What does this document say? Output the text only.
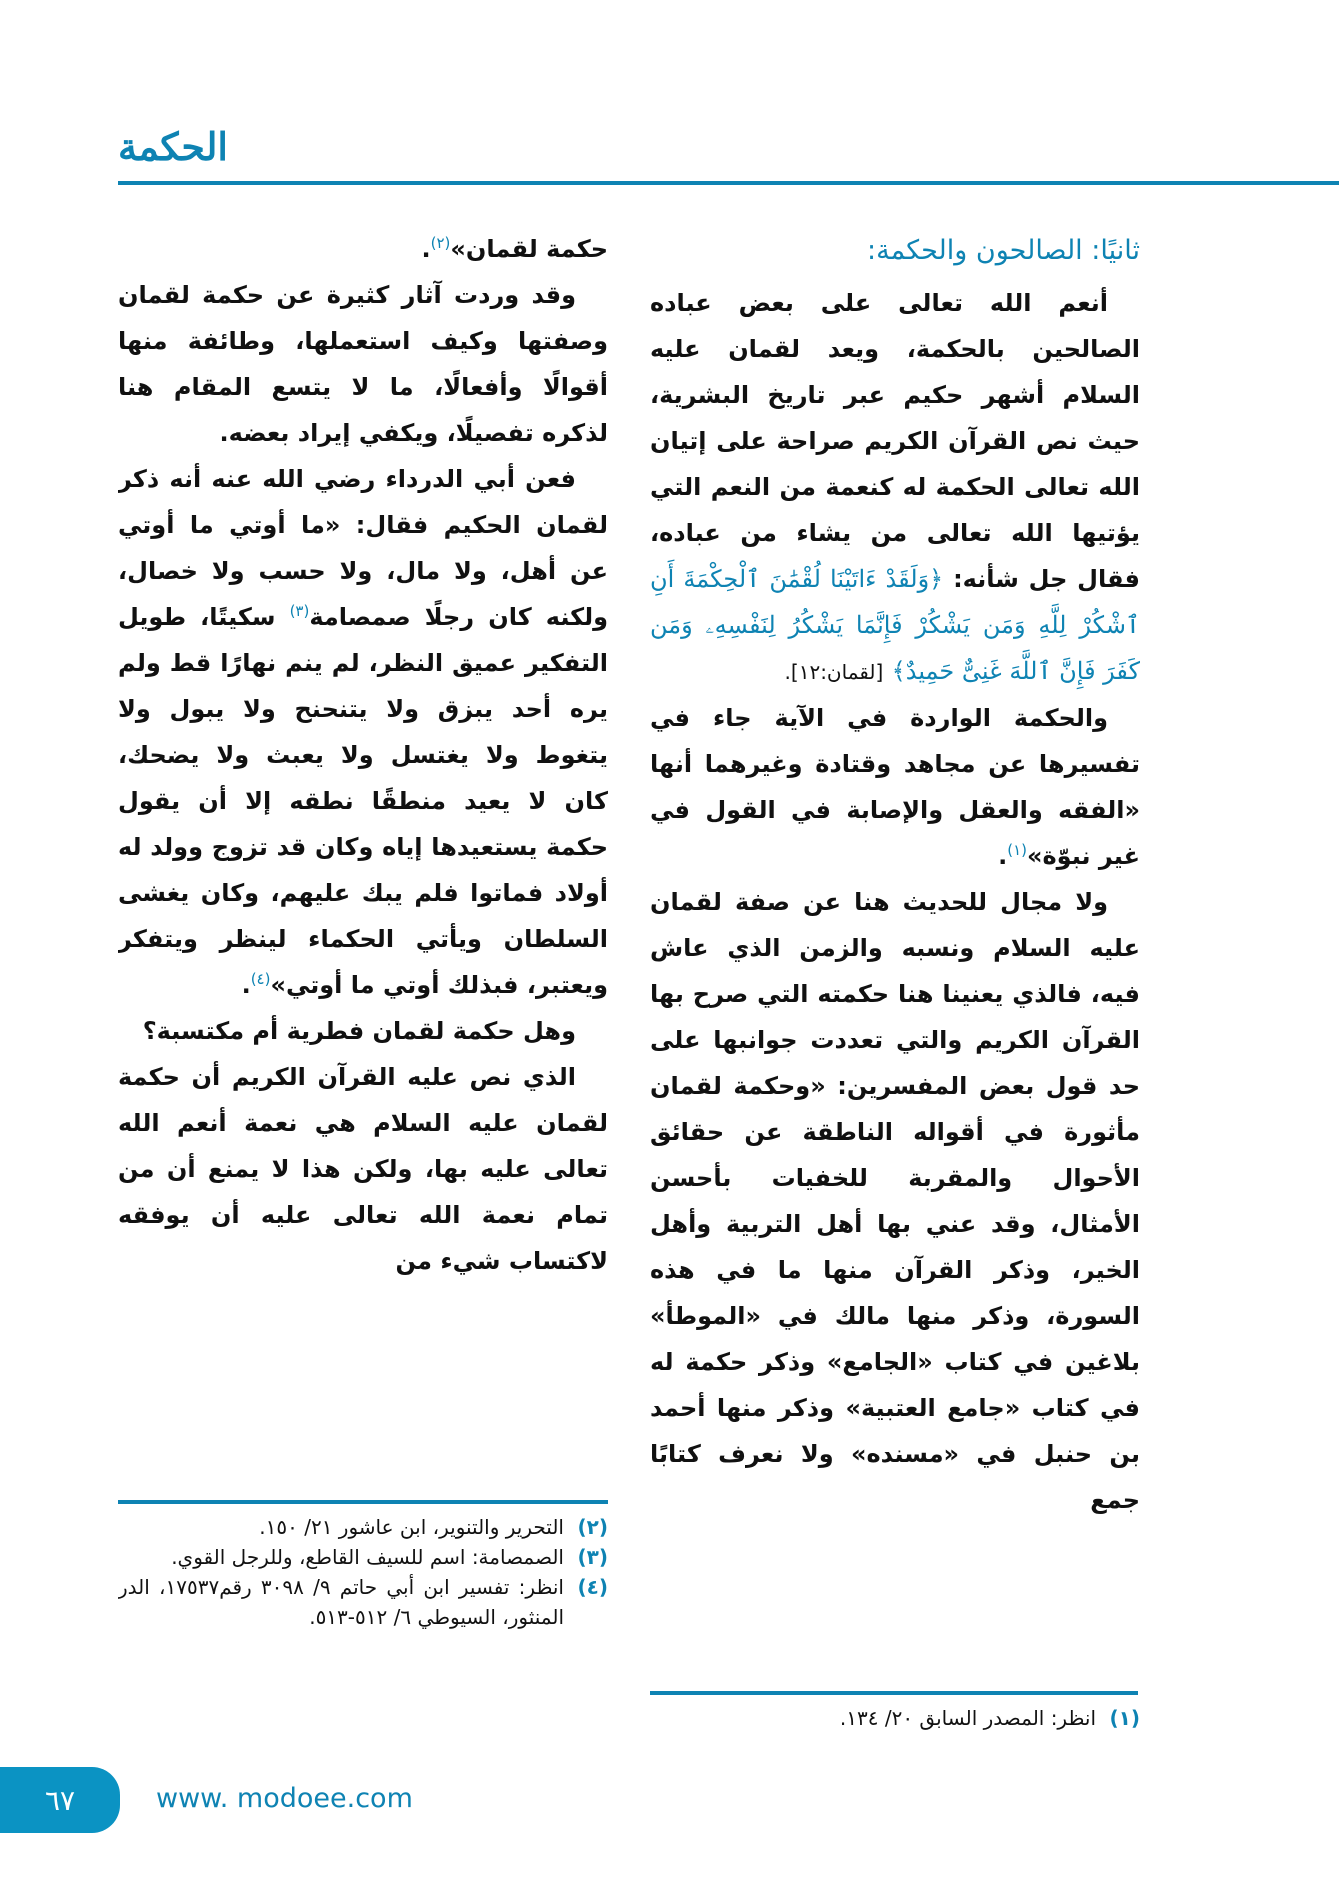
الحكمة
ثانيًا: الصالحون والحكمة:

أنعم الله تعالى على بعض عباده الصالحين بالحكمة، ويعد لقمان عليه السلام أشهر حكيم عبر تاريخ البشرية، حيث نص القرآن الكريم صراحة على إتيان الله تعالى الحكمة له كنعمة من النعم التي يؤتيها الله تعالى من يشاء من عباده، فقال جل شأنه: ﴿وَلَقَدْ ءَاتَيْنَا لُقْمَٰنَ ٱلْحِكْمَةَ أَنِ ٱشْكُرْ لِلَّهِ وَمَن يَشْكُرْ فَإِنَّمَا يَشْكُرُ لِنَفْسِهِۦ وَمَن كَفَرَ فَإِنَّ ٱللَّهَ غَنِىٌّ حَمِيدٌ﴾ [لقمان:١٢].

والحكمة الواردة في الآية جاء في تفسيرها عن مجاهد وقتادة وغيرهما أنها «الفقه والعقل والإصابة في القول في غير نبوّة»$^{(١)}$.

ولا مجال للحديث هنا عن صفة لقمان عليه السلام ونسبه والزمن الذي عاش فيه، فالذي يعنينا هنا حكمته التي صرح بها القرآن الكريم والتي تعددت جوانبها على حد قول بعض المفسرين: «وحكمة لقمان مأثورة في أقواله الناطقة عن حقائق الأحوال والمقربة للخفيات بأحسن الأمثال، وقد عني بها أهل التربية وأهل الخير، وذكر القرآن منها ما في هذه السورة، وذكر منها مالك في «الموطأ» بلاغين في كتاب «الجامع» وذكر حكمة له في كتاب «جامع العتبية» وذكر منها أحمد بن حنبل في «مسنده» ولا نعرف كتابًا جمع

حكمة لقمان»$^{(٢)}$.

وقد وردت آثار كثيرة عن حكمة لقمان وصفتها وكيف استعملها، وطائفة منها أقوالًا وأفعالًا، ما لا يتسع المقام هنا لذكره تفصيلًا، ويكفي إيراد بعضه.

فعن أبي الدرداء رضي الله عنه أنه ذكر لقمان الحكيم فقال: «ما أوتي ما أوتي عن أهل، ولا مال، ولا حسب ولا خصال، ولكنه كان رجلًا صمصامة$^{(٣)}$ سكيتًا، طويل التفكير عميق النظر، لم ينم نهارًا قط ولم يره أحد يبزق ولا يتنحنح ولا يبول ولا يتغوط ولا يغتسل ولا يعبث ولا يضحك، كان لا يعيد منطقًا نطقه إلا أن يقول حكمة يستعيدها إياه وكان قد تزوج وولد له أولاد فماتوا فلم يبك عليهم، وكان يغشى السلطان ويأتي الحكماء لينظر ويتفكر ويعتبر، فبذلك أوتي ما أوتي»$^{(٤)}$.

وهل حكمة لقمان فطرية أم مكتسبة؟

الذي نص عليه القرآن الكريم أن حكمة لقمان عليه السلام هي نعمة أنعم الله تعالى عليه بها، ولكن هذا لا يمنع أن من تمام نعمة الله تعالى عليه أن يوفقه لاكتساب شيء من

(٢)
التحرير والتنوير، ابن عاشور ٢١/ ١٥٠.

(٣)
الصمصامة: اسم للسيف القاطع، وللرجل القوي.

(٤)
انظر: تفسير ابن أبي حاتم ٩/ ٣٠٩٨ رقم١٧٥٣٧، الدر المنثور، السيوطي ٦/ ٥١٢-٥١٣.

(١)
انظر: المصدر السابق ٢٠/ ١٣٤.

٦٧	www. modoee.com
